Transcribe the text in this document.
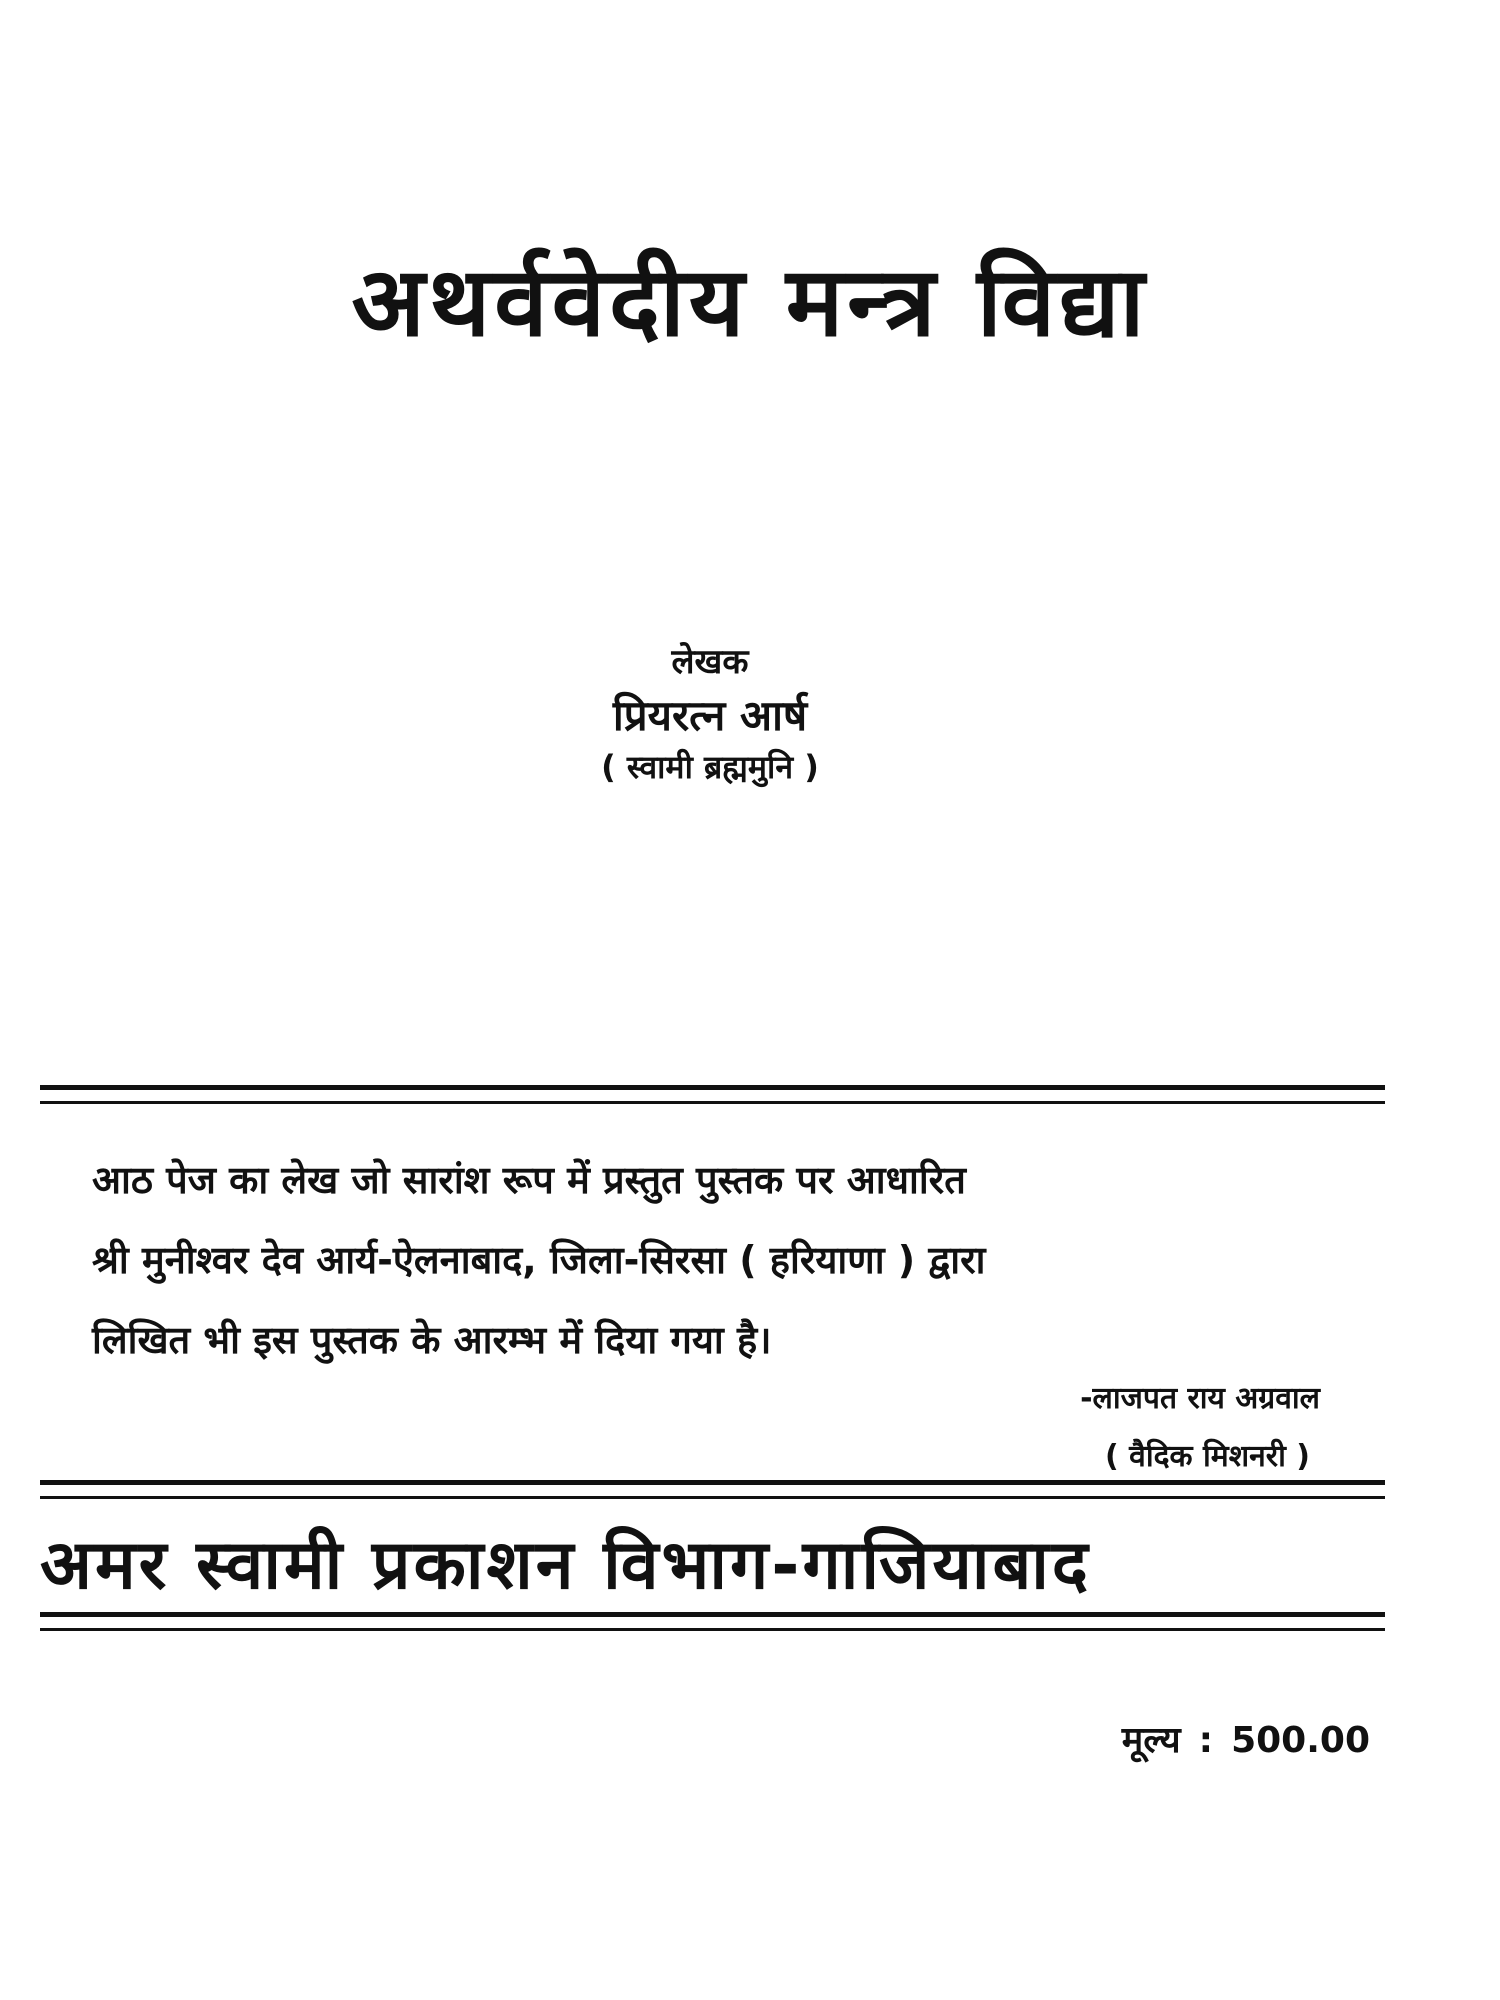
अथर्ववेदीय मन्त्र विद्या
लेखक
प्रियरत्न आर्ष
( स्वामी ब्रह्ममुनि )
आठ पेज का लेख जो सारांश रूप में प्रस्तुत पुस्तक पर आधारित
श्री मुनीश्वर देव आर्य-ऐलनाबाद, जिला-सिरसा ( हरियाणा ) द्वारा
लिखित भी इस पुस्तक के आरम्भ में दिया गया है।
-लाजपत राय अग्रवाल
( वैदिक मिशनरी )
अमर स्वामी प्रकाशन विभाग-गाजियाबाद
मूल्य : 500.00
